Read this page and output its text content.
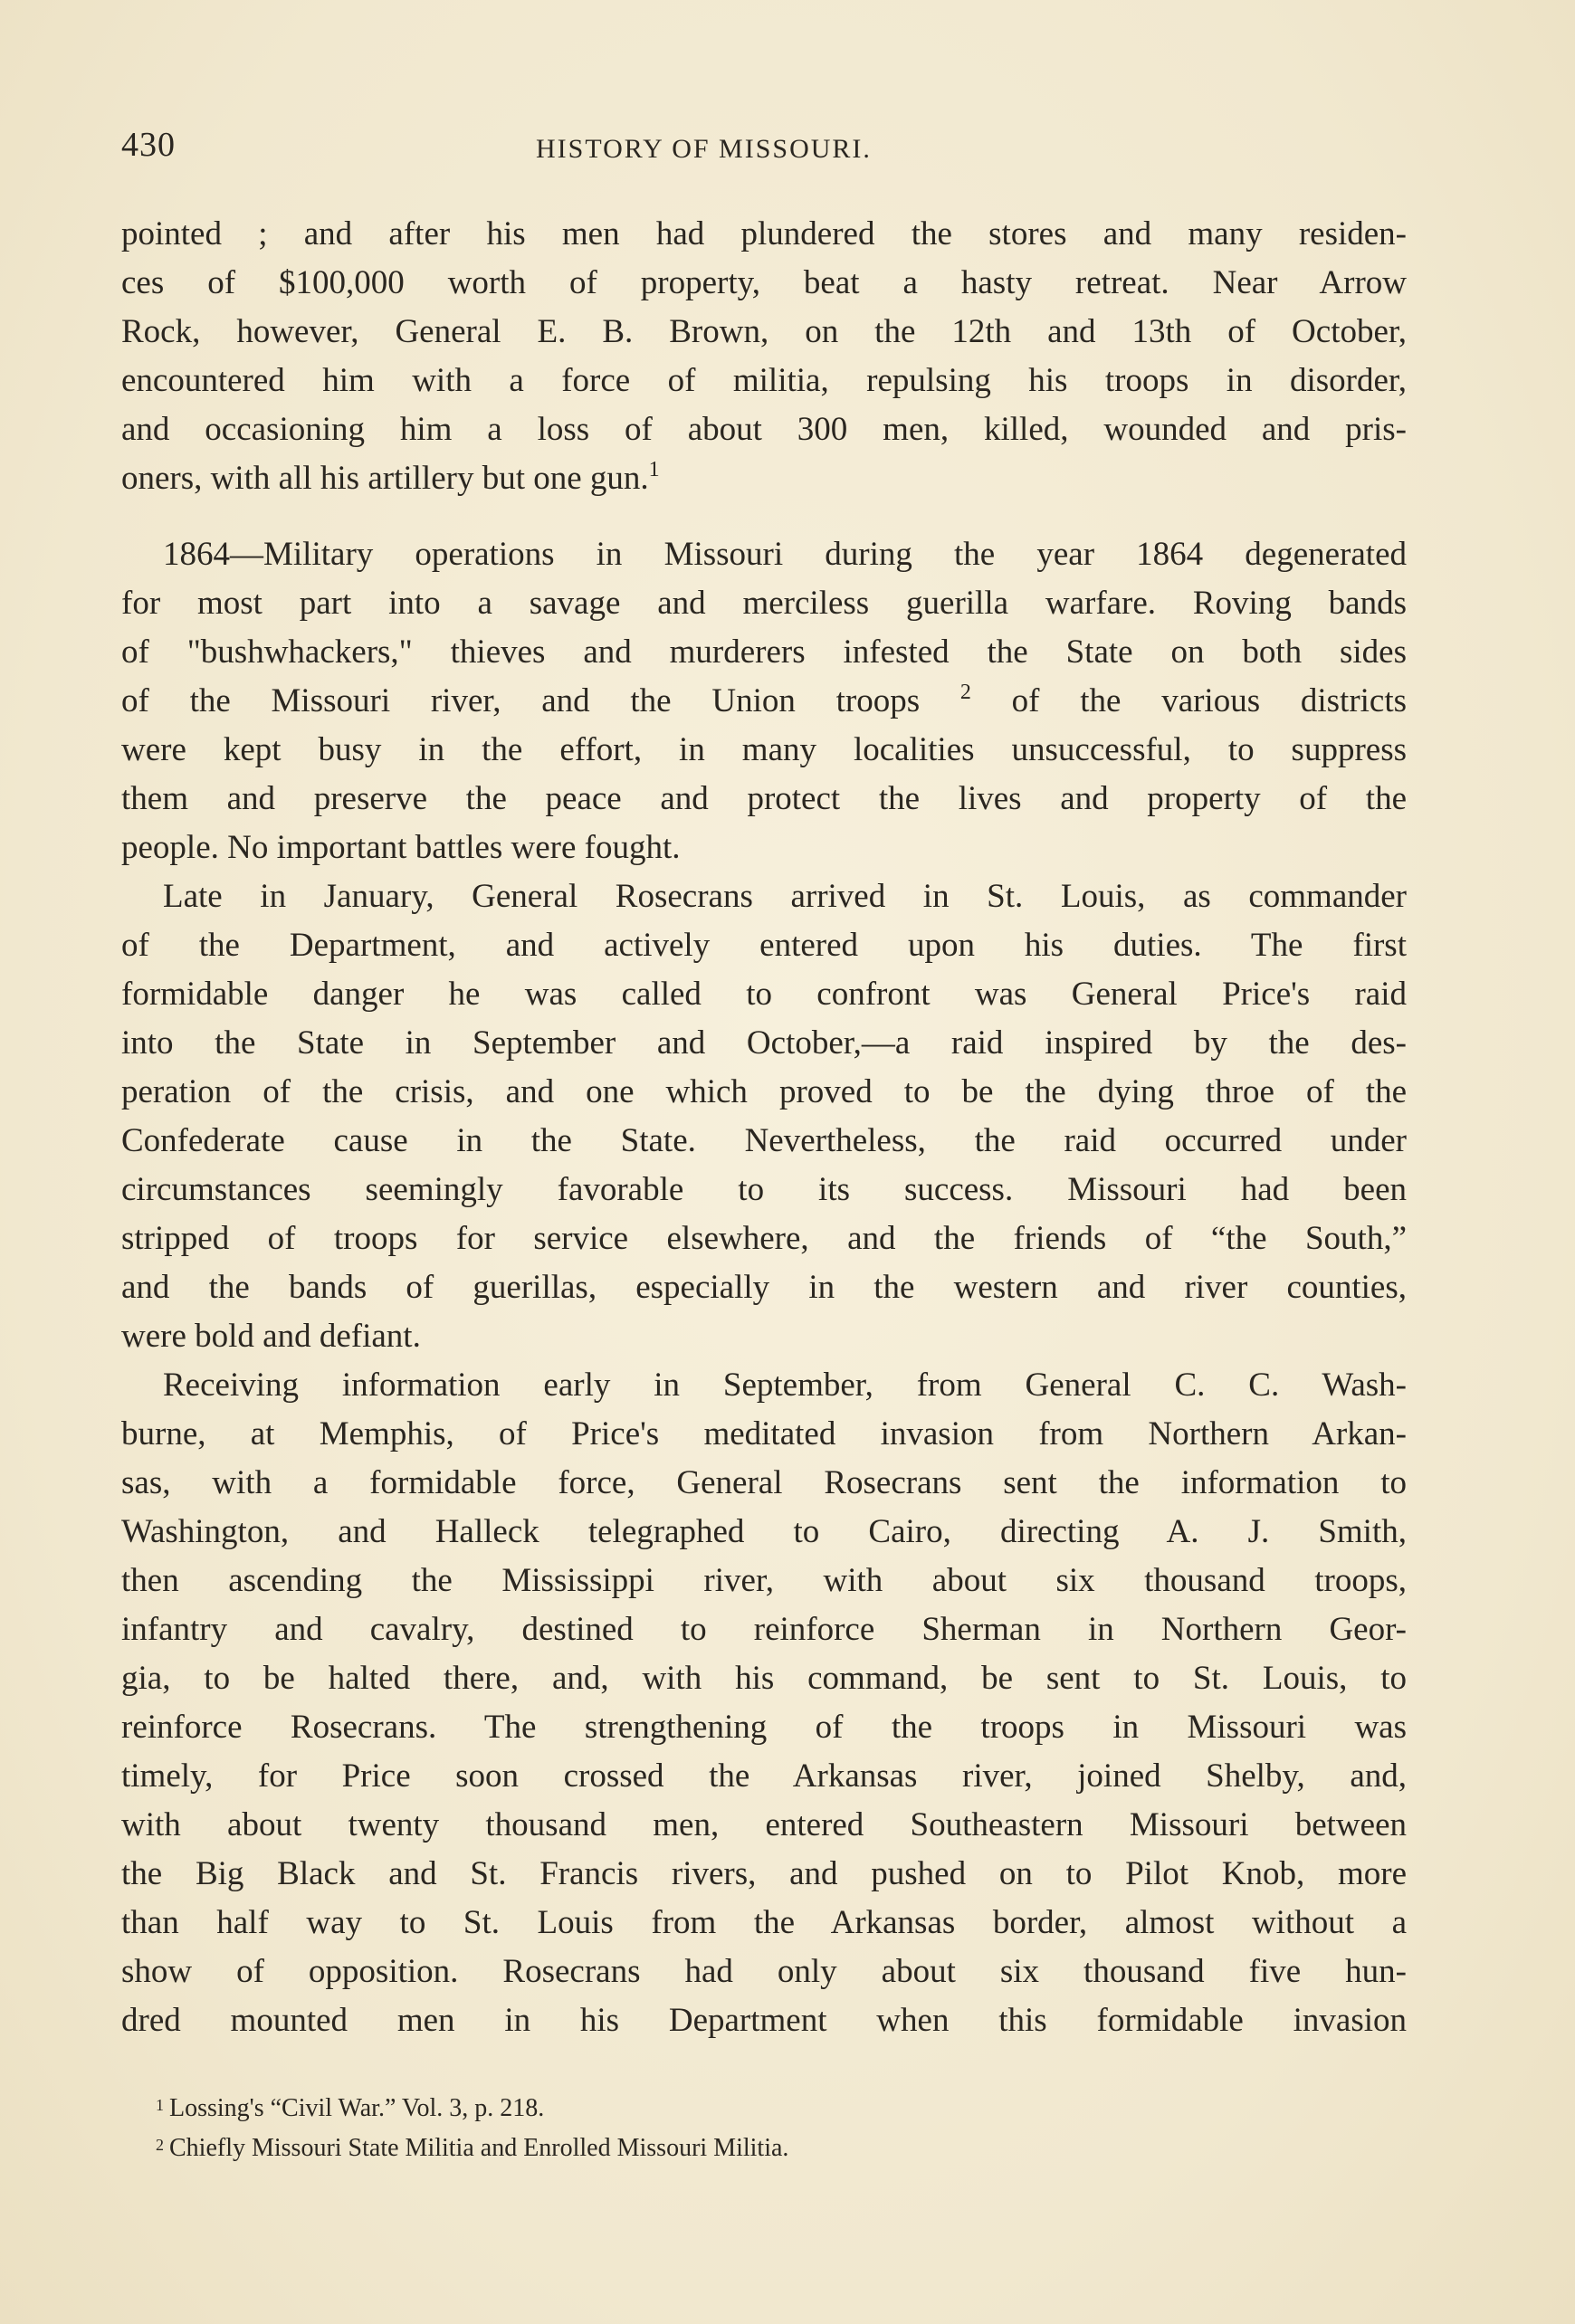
430	HISTORY OF MISSOURI.
pointed ; and after his men had plundered the stores and many residen-
ces of $100,000 worth of property, beat a hasty retreat. Near Arrow
Rock, however, General E. B. Brown, on the 12th and 13th of October,
encountered him with a force of militia, repulsing his troops in disorder,
and occasioning him a loss of about 300 men, killed, wounded and pris-
oners, with all his artillery but one gun.$^1$
1864—Military operations in Missouri during the year 1864 degenerated
for most part into a savage and merciless guerilla warfare. Roving bands
of "bushwhackers," thieves and murderers infested the State on both sides
of the Missouri river, and the Union troops $^2$ of the various districts
were kept busy in the effort, in many localities unsuccessful, to suppress
them and preserve the peace and protect the lives and property of the
people. No important battles were fought.
Late in January, General Rosecrans arrived in St. Louis, as commander
of the Department, and actively entered upon his duties. The first
formidable danger he was called to confront was General Price's raid
into the State in September and October,—a raid inspired by the des-
peration of the crisis, and one which proved to be the dying throe of the
Confederate cause in the State. Nevertheless, the raid occurred under
circumstances seemingly favorable to its success. Missouri had been
stripped of troops for service elsewhere, and the friends of “the South,”
and the bands of guerillas, especially in the western and river counties,
were bold and defiant.
Receiving information early in September, from General C. C. Wash-
burne, at Memphis, of Price's meditated invasion from Northern Arkan-
sas, with a formidable force, General Rosecrans sent the information to
Washington, and Halleck telegraphed to Cairo, directing A. J. Smith,
then ascending the Mississippi river, with about six thousand troops,
infantry and cavalry, destined to reinforce Sherman in Northern Geor-
gia, to be halted there, and, with his command, be sent to St. Louis, to
reinforce Rosecrans. The strengthening of the troops in Missouri was
timely, for Price soon crossed the Arkansas river, joined Shelby, and,
with about twenty thousand men, entered Southeastern Missouri between
the Big Black and St. Francis rivers, and pushed on to Pilot Knob, more
than half way to St. Louis from the Arkansas border, almost without a
show of opposition. Rosecrans had only about six thousand five hun-
dred mounted men in his Department when this formidable invasion
$^1$ Lossing's “Civil War.” Vol. 3, p. 218.
$^2$ Chiefly Missouri State Militia and Enrolled Missouri Militia.
